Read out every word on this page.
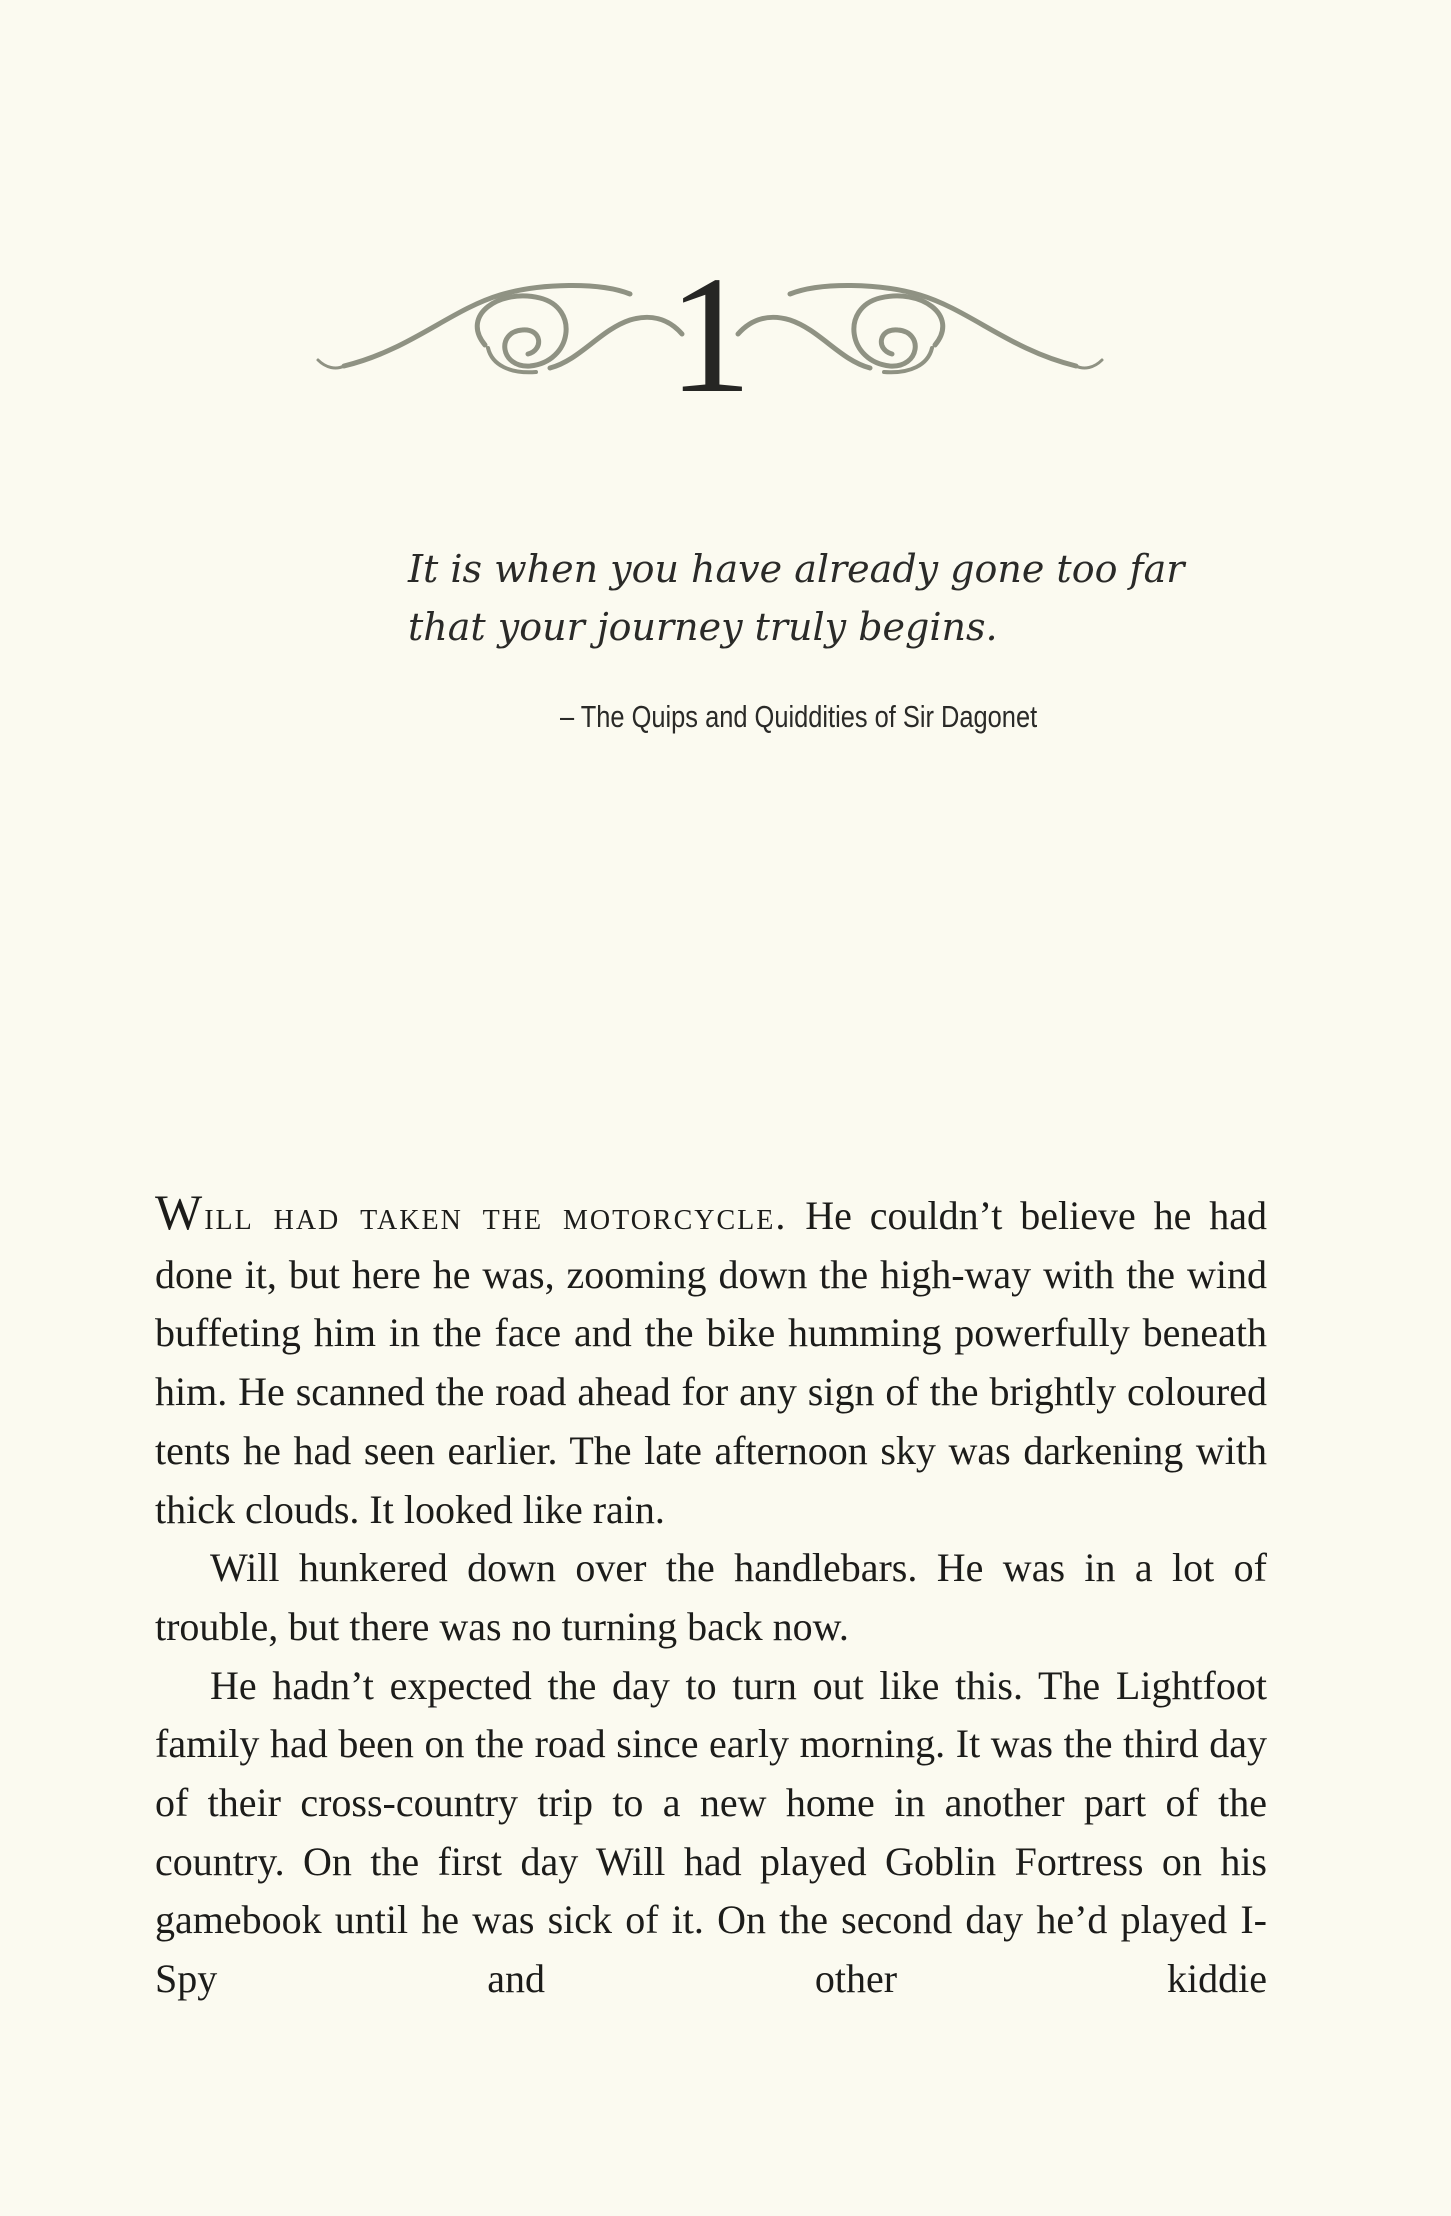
1
It is when you have already gone too far
that your journey truly begins.
– The Quips and Quiddities of Sir Dagonet

Will had taken the motorcycle. He couldn’t believe he had done it, but here he was, zooming down the high-way with the wind buffeting him in the face and the bike humming powerfully beneath him. He scanned the road ahead for any sign of the brightly coloured tents he had seen earlier. The late afternoon sky was darkening with thick clouds. It looked like rain.

Will hunkered down over the handlebars. He was in a lot of trouble, but there was no turning back now.

He hadn’t expected the day to turn out like this. The Lightfoot family had been on the road since early morning. It was the third day of their cross-country trip to a new home in another part of the country. On the first day Will had played Goblin Fortress on his gamebook until he was sick of it. On the second day he’d played I-Spy and other kiddie
